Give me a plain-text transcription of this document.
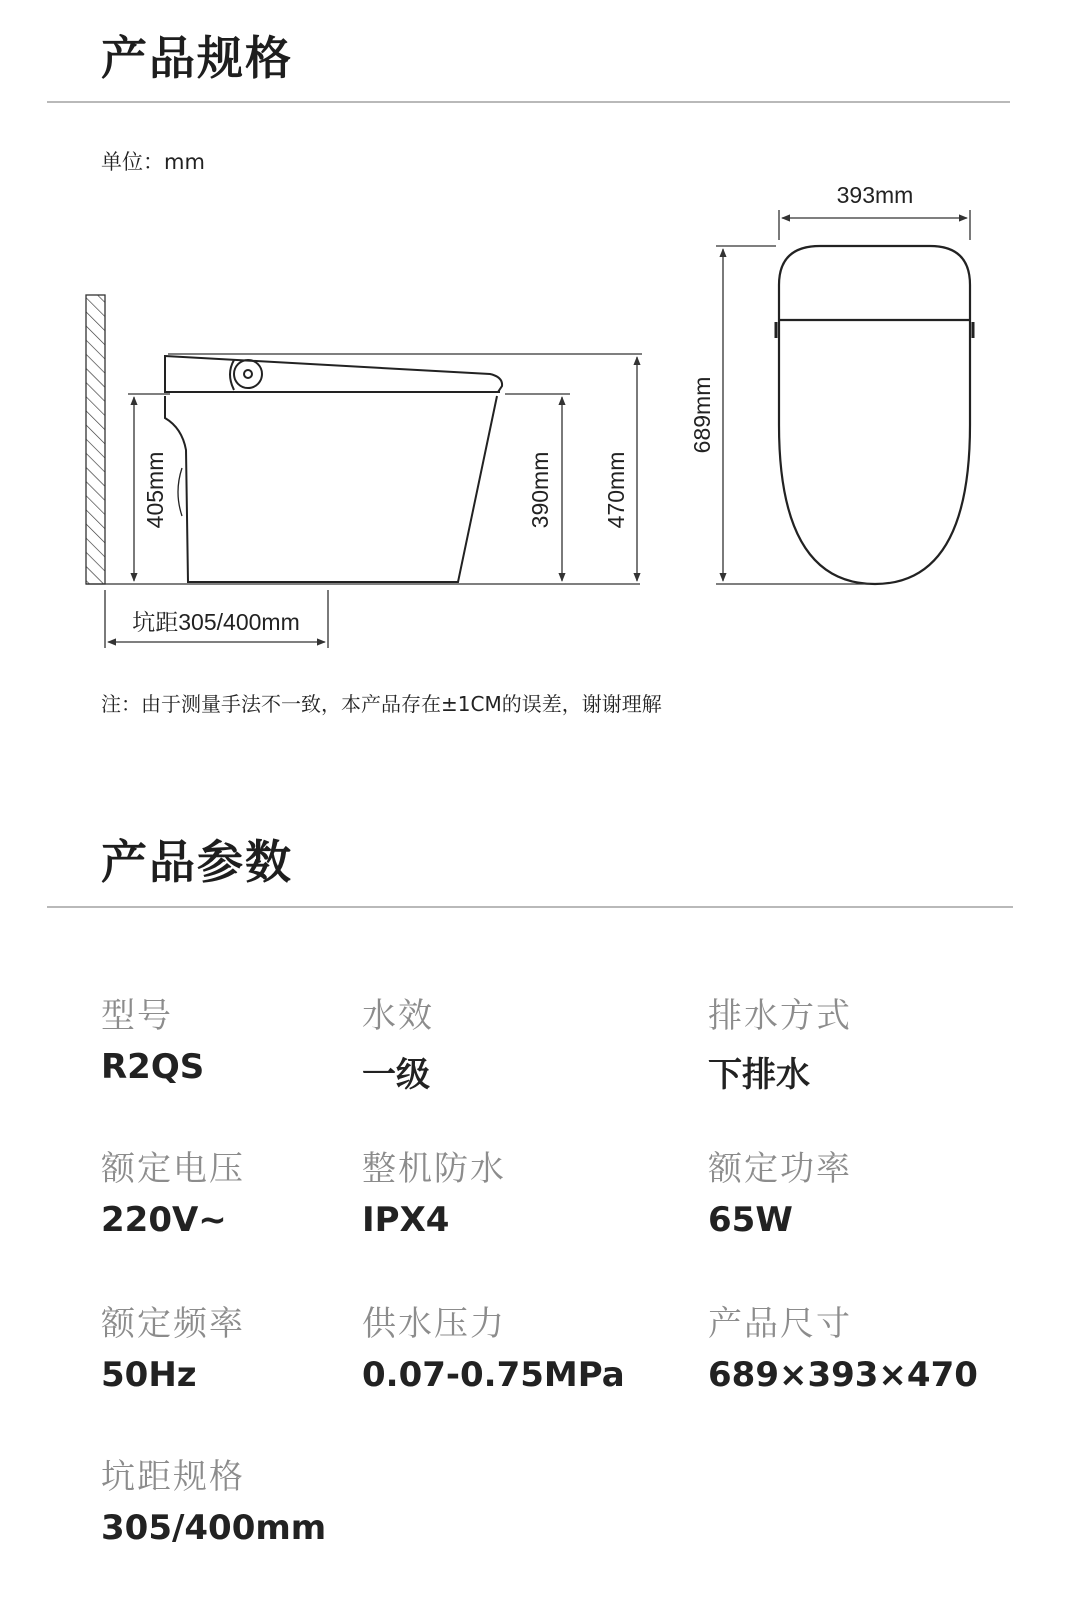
产品规格
单位：mm
405mm	390mm 470mm
坑距305/400mm
393mm
689mm
注：由于测量手法不一致，本产品存在±1CM的误差，谢谢理解
产品参数
型号
R2QS
水效
一级
排水方式
下排水
额定电压
220V~
整机防水
IPX4
额定功率
65W
额定频率
50Hz
供水压力
0.07-0.75MPa
产品尺寸
689×393×470
坑距规格
305/400mm
